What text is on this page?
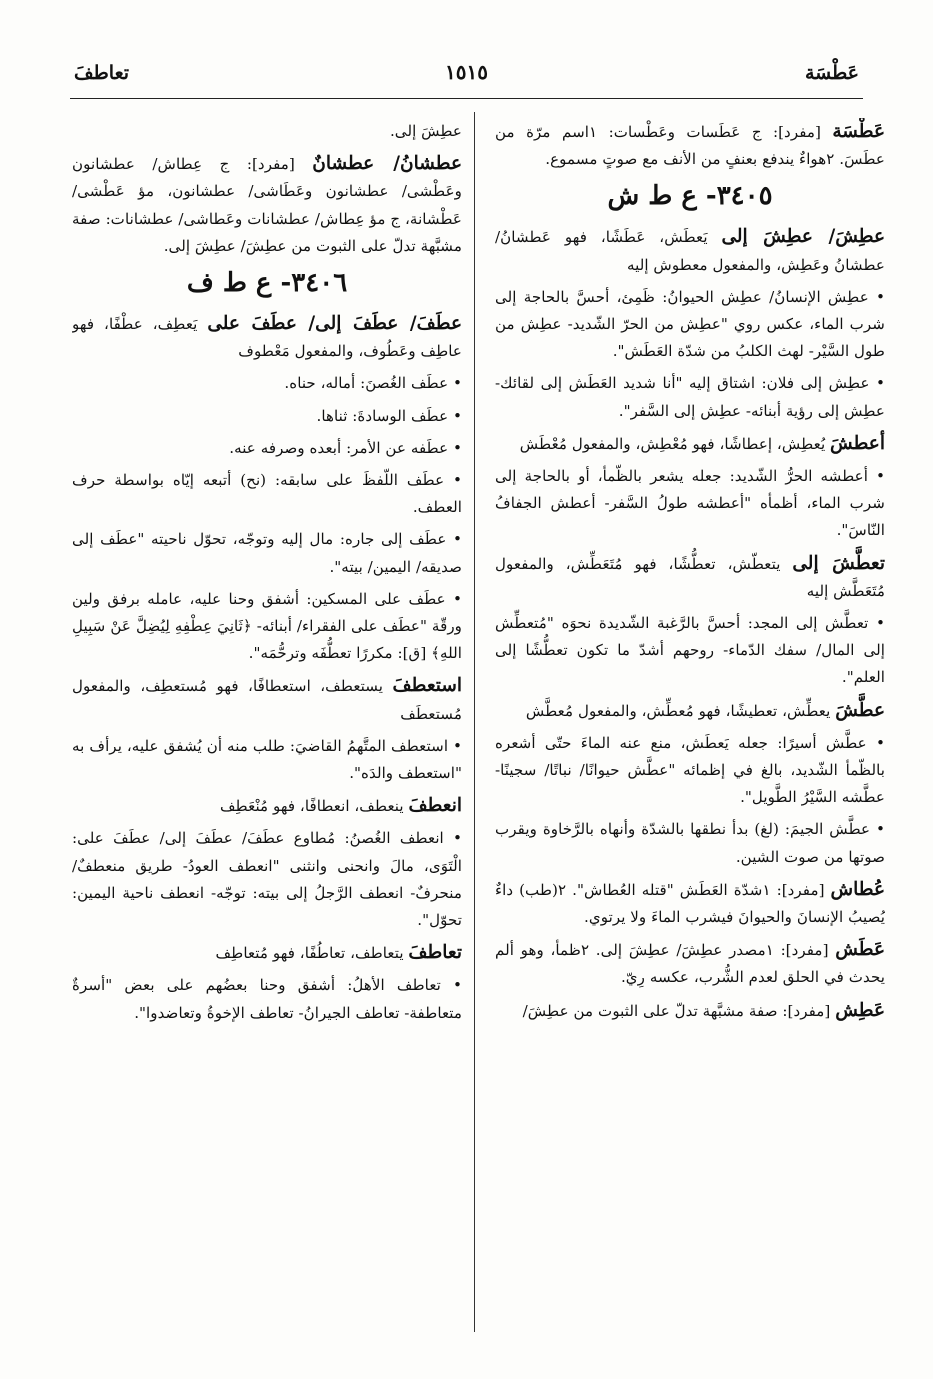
عَطْسَة
١٥١٥
تعاطفَ

عَطْسَة [مفرد]: ج عَطَسات وعَطْسات: ١اسم مرّة من عطَسَ. ٢هواءٌ يندفع بعنفٍ من الأنف مع صوتٍ مسموع.

٣٤٠٥- ع ط ش

عطِشَ/ عطِشَ إلى يَعطَش، عَطَشًا، فهو عَطشانُ/ عطشانُ وعَطِش، والمفعول معطوش إليه

• عطِش الإنسانُ/ عطِش الحيوانُ: ظَمِئ، أحسَّ بالحاجة إلى شرب الماء، عكس روي "عطِش من الحرّ الشّديد- عطِش من طول السَّيْر- لهث الكلبُ من شدّة العَطَش".

• عطِش إلى فلان: اشتاق إليه "أنا شديد العَطَش إلى لقائك- عطِش إلى رؤية أبنائه- عطِش إلى السَّفر".

أعطشَ يُعطِش، إعطاشًا، فهو مُعْطِش، والمفعول مُعْطَش

• أعطشه الحرُّ الشّديد: جعله يشعر بالظّمأ، أو بالحاجة إلى شرب الماء، أظمأه "أعطشه طولُ السَّفر- أعطش الجفافُ النّاسَ".

تعطَّشَ إلى يتعطّش، تعطُّشًا، فهو مُتَعَطِّش، والمفعول مُتَعَطَّش إليه

• تعطَّش إلى المجد: أحسَّ بالرَّغبة الشّديدة نحوَه "مُتعطِّش إلى المال/ سفك الدّماء- روحهم أشدّ ما تكون تعطُّشًا إلى العلم".

عطَّشَ يعطِّش، تعطيشًا، فهو مُعطِّش، والمفعول مُعطَّش

• عطَّش أسيرًا: جعله يَعطَش، منع عنه الماءَ حتّى أشعره بالظّمأ الشّديد، بالغ في إظمائه "عطَّش حيوانًا/ نباتًا/ سجينًا- عطَّشه السَّيْرُ الطَّويل".

• عطَّش الجيمَ: (لغ) بدأ نطقها بالشدّة وأنهاه بالرَّخاوة ويقرب صوتها من صوت الشين.

عُطاش [مفرد]: ١شدّة العَطَش "قتله العُطاش". ٢(طب) داءٌ يُصيبُ الإنسانَ والحيوانَ فيشرب الماءَ ولا يرتوي.

عَطَش [مفرد]: ١مصدر عطِشَ/ عطِشَ إلى. ٢ظمأ، وهو ألم يحدث في الحلق لعدم الشُّرب، عكسه رِيّ.

عَطِش [مفرد]: صفة مشبَّهة تدلّ على الثبوت من عطِشَ/

عطِشَ إلى.

عطشانُ/ عطشانٌ [مفرد]: ج عِطاش/ عطشانون وعَطْشى/ عطشانون وعَطَاشى/ عطشانون، مؤ عَطْشى/ عَطْشانة، ج مؤ عِطاش/ عطشانات وعَطاشى/ عطشانات: صفة مشبَّهة تدلّ على الثبوت من عطِشَ/ عطِشَ إلى.

٣٤٠٦- ع ط ف

عطَفَ/ عطَفَ إلى/ عطَفَ على يَعطِف، عطْفًا، فهو عاطِف وعَطُوف، والمفعول مَعْطوف

• عطَف الغُصنَ: أماله، حناه.

• عطَف الوسادةَ: ثناها.

• عطَفه عن الأمر: أبعده وصرفه عنه.

• عطَف اللّفظَ على سابقه: (نح) أتبعه إيّاه بواسطة حرف العطف.

• عطَف إلى جاره: مال إليه وتوجّه، تحوّل ناحيته "عطَف إلى صديقه/ اليمين/ بيته".

• عطَف على المسكين: أشفق وحنا عليه، عامله برفق ولين ورقّة "عطَف على الفقراء/ أبنائه- ﴿ثَانِيَ عِطْفِهِ لِيُضِلَّ عَنْ سَبِيلِ اللهِ﴾ [ق]: مكررًا تعطُّفَه وترحُّمَه".

استعطفَ يستعطف، استعطافًا، فهو مُستعطِف، والمفعول مُستعطَف

• استعطف المتَّهمُ القاضيَ: طلب منه أن يُشفق عليه، يرأف به "استعطف والدَه".

انعطفَ ينعطف، انعطافًا، فهو مُنْعَطِف

• انعطف الغُصنُ: مُطاوع عطَفَ/ عطَفَ إلى/ عطَفَ على: الْتَوَى، مالَ وانحنى وانثنى "انعطف العودُ- طريق منعطفٌ/ منحرفٌ- انعطف الرَّجلُ إلى بيته: توجّه- انعطف ناحية اليمين: تحوّل".

تعاطفَ يتعاطف، تعاطُفًا، فهو مُتعاطِف

• تعاطف الأهلُ: أشفق وحنا بعضُهم على بعض "أسرةٌ متعاطفة- تعاطف الجيرانُ- تعاطف الإخوةُ وتعاضدوا".
